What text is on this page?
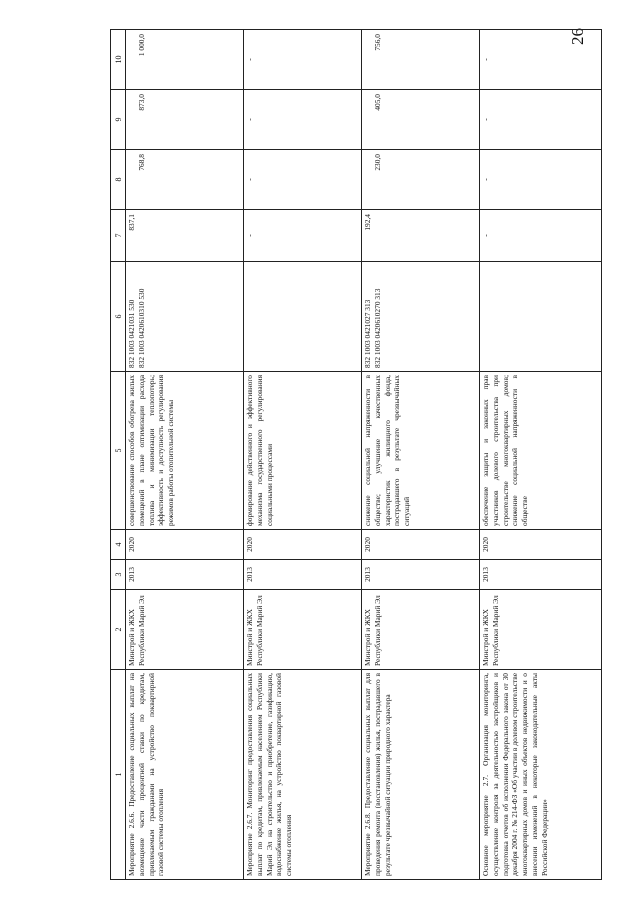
26
1	2	3	4	5	6	7	8	9	10
Мероприятие 2.6.6. Предоставление социальных выплат на возмещение части процентной ставки по кредитам, привлекаемым гражданами на устройство поквартирной газовой системы отопления	Минстрой и ЖКХ Республики Марий Эл	2013	2020	совершенствование способов обогрева жилых помещений в плане оптимизации расхода топлива и минимизации теплопотерь; эффективность и доступность регулирования режимов работы отопительной системы	832 1003 0421031 530 832 1003 0420610310 530	837,1	768,8	873,0	1 000,0
Мероприятие 2.6.7. Мониторинг предоставления социальных выплат по кредитам, привлекаемым населением Республики Марий Эл на строительство и приобретение, газификацию, водоснабжение жилья, на устройство поквартирной газовой системы отопления	Минстрой и ЖКХ Республики Марий Эл	2013	2020	формирование действенного и эффективного механизма государственного регулирования социальными процессами		-	-	-	-
Мероприятие 2.6.8. Предоставление социальных выплат для проведения ремонта (восстановления) жилья, пострадавшего в результате чрезвычайной ситуации природного характера	Минстрой и ЖКХ Республики Марий Эл	2013	2020	снижение социальной напряженности в обществе; улучшение качественных характеристик жилищного фонда, пострадавшего в результате чрезвычайных ситуаций	832 1003 0421027 313 832 1003 0420610270 313	192,4	230,0	405,0	756,0
Основное мероприятие 2.7. Организация мониторинга, осуществление контроля за деятельностью застройщиков и подготовка отчетов об исполнении Федерального закона от 30 декабря 2004 г. № 214-ФЗ «Об участии в долевом строительстве многоквартирных домов и иных объектов недвижимости и о внесении изменений в некоторые законодательные акты Российской Федерации»	Минстрой и ЖКХ Республики Марий Эл	2013	2020	обеспечение защиты и законных прав участников долевого строительства при строительстве многоквартирных домов; снижение социальной напряженности в обществе		-	-	-	-
